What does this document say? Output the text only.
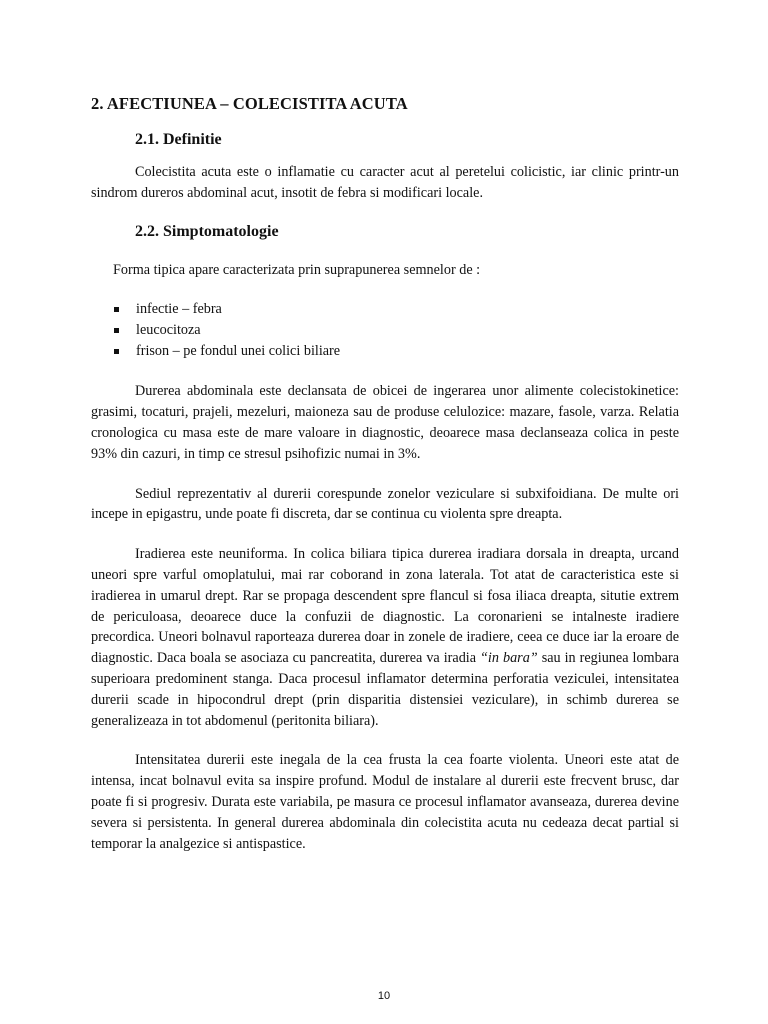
2. AFECTIUNEA – COLECISTITA ACUTA
2.1. Definitie

Colecistita acuta este o inflamatie cu caracter acut al peretelui colicistic, iar clinic printr-un sindrom dureros abdominal acut, insotit de febra si modificari locale.

2.2. Simptomatologie

Forma tipica apare caracterizata prin suprapunerea semnelor de :

infectie – febra
leucocitoza
frison – pe fondul unei colici biliare

Durerea abdominala este declansata de obicei de ingerarea unor alimente colecistokinetice: grasimi, tocaturi, prajeli, mezeluri, maioneza sau de produse celulozice: mazare, fasole, varza. Relatia cronologica cu masa este de mare valoare in diagnostic, deoarece masa declanseaza colica in peste 93% din cazuri, in timp ce stresul psihofizic numai in 3%.

Sediul reprezentativ al durerii corespunde zonelor veziculare si subxifoidiana. De multe ori incepe in epigastru, unde poate fi discreta, dar se continua cu violenta spre dreapta.

Iradierea este neuniforma. In colica biliara tipica durerea iradiara dorsala in dreapta, urcand uneori spre varful omoplatului, mai rar coborand in zona laterala. Tot atat de caracteristica este si iradierea in umarul drept. Rar se propaga descendent spre flancul si fosa iliaca dreapta, situtie extrem de periculoasa, deoarece duce la confuzii de diagnostic. La coronarieni se intalneste iradiere precordica. Uneori bolnavul raporteaza durerea doar in zonele de iradiere, ceea ce duce iar la eroare de diagnostic. Daca boala se asociaza cu pancreatita, durerea va iradia “in bara” sau in regiunea lombara superioara predominent stanga. Daca procesul inflamator determina perforatia veziculei, intensitatea durerii scade in hipocondrul drept (prin disparitia distensiei veziculare), in schimb durerea se generalizeaza in tot abdomenul (peritonita biliara).

Intensitatea durerii este inegala de la cea frusta la cea foarte violenta. Uneori este atat de intensa, incat bolnavul evita sa inspire profund. Modul de instalare al durerii este frecvent brusc, dar poate fi si progresiv. Durata este variabila, pe masura ce procesul inflamator avanseaza, durerea devine severa si persistenta. In general durerea abdominala din colecistita acuta nu cedeaza decat partial si temporar la analgezice si antispastice.

10
